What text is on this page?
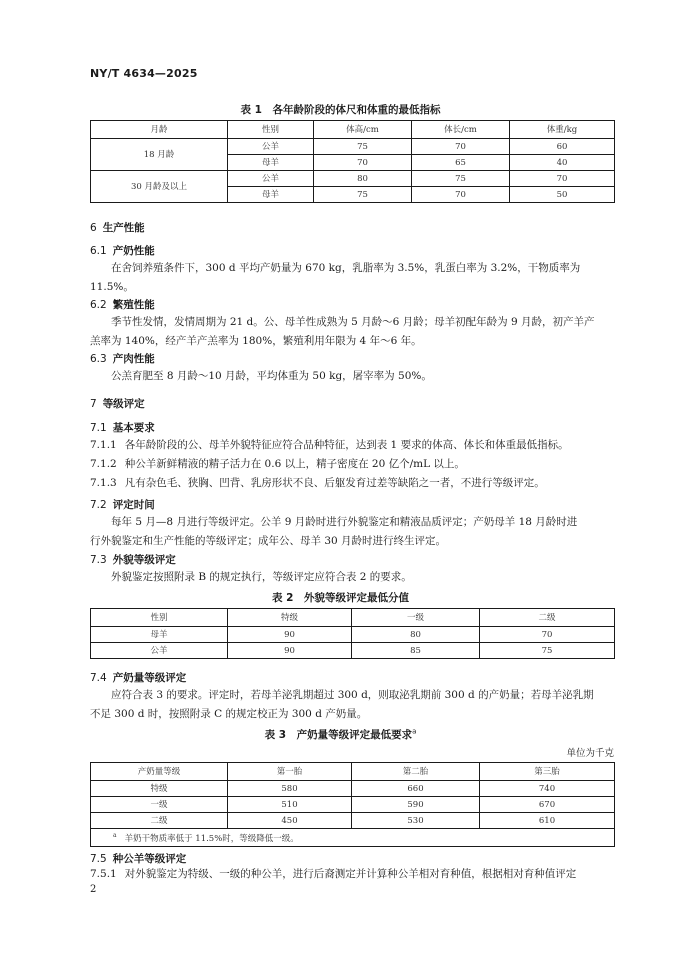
NY/T 4634—2025
表 1　各年龄阶段的体尺和体重的最低指标
月龄	性别	体高/cm	体长/cm	体重/kg
18 月龄	公羊	75	70	60
	母羊	70	65	40
30 月龄及以上	公羊	80	75	70
	母羊	75	70	50
6 生产性能
6.1 产奶性能
在舍饲养殖条件下，300 d 平均产奶量为 670 kg，乳脂率为 3.5%，乳蛋白率为 3.2%，干物质率为
11.5%。
6.2 繁殖性能
季节性发情，发情周期为 21 d。公、母羊性成熟为 5 月龄～6 月龄；母羊初配年龄为 9 月龄，初产羊产
羔率为 140%，经产羊产羔率为 180%，繁殖利用年限为 4 年～6 年。
6.3 产肉性能
公羔育肥至 8 月龄～10 月龄，平均体重为 50 kg，屠宰率为 50%。
7 等级评定
7.1 基本要求
7.1.1 各年龄阶段的公、母羊外貌特征应符合品种特征，达到表 1 要求的体高、体长和体重最低指标。
7.1.2 种公羊新鲜精液的精子活力在 0.6 以上，精子密度在 20 亿个/mL 以上。
7.1.3 凡有杂色毛、狭胸、凹背、乳房形状不良、后躯发育过差等缺陷之一者，不进行等级评定。
7.2 评定时间
每年 5 月—8 月进行等级评定。公羊 9 月龄时进行外貌鉴定和精液品质评定；产奶母羊 18 月龄时进
行外貌鉴定和生产性能的等级评定；成年公、母羊 30 月龄时进行终生评定。
7.3 外貌等级评定
外貌鉴定按照附录 B 的规定执行，等级评定应符合表 2 的要求。
表 2　外貌等级评定最低分值
性别	特级	一级	二级
母羊	90	80	70
公羊	90	85	75
7.4 产奶量等级评定
应符合表 3 的要求。评定时，若母羊泌乳期超过 300 d，则取泌乳期前 300 d 的产奶量；若母羊泌乳期
不足 300 d 时，按照附录 C 的规定校正为 300 d 产奶量。
表 3　产奶量等级评定最低要求$^a$
单位为千克
产奶量等级	第一胎	第二胎	第三胎
特级	580	660	740
一级	510	590	670
二级	450	530	610
$^a$ 羊奶干物质率低于 11.5%时，等级降低一级。			
7.5 种公羊等级评定
7.5.1 对外貌鉴定为特级、一级的种公羊，进行后裔测定并计算种公羊相对育种值，根据相对育种值评定
2
